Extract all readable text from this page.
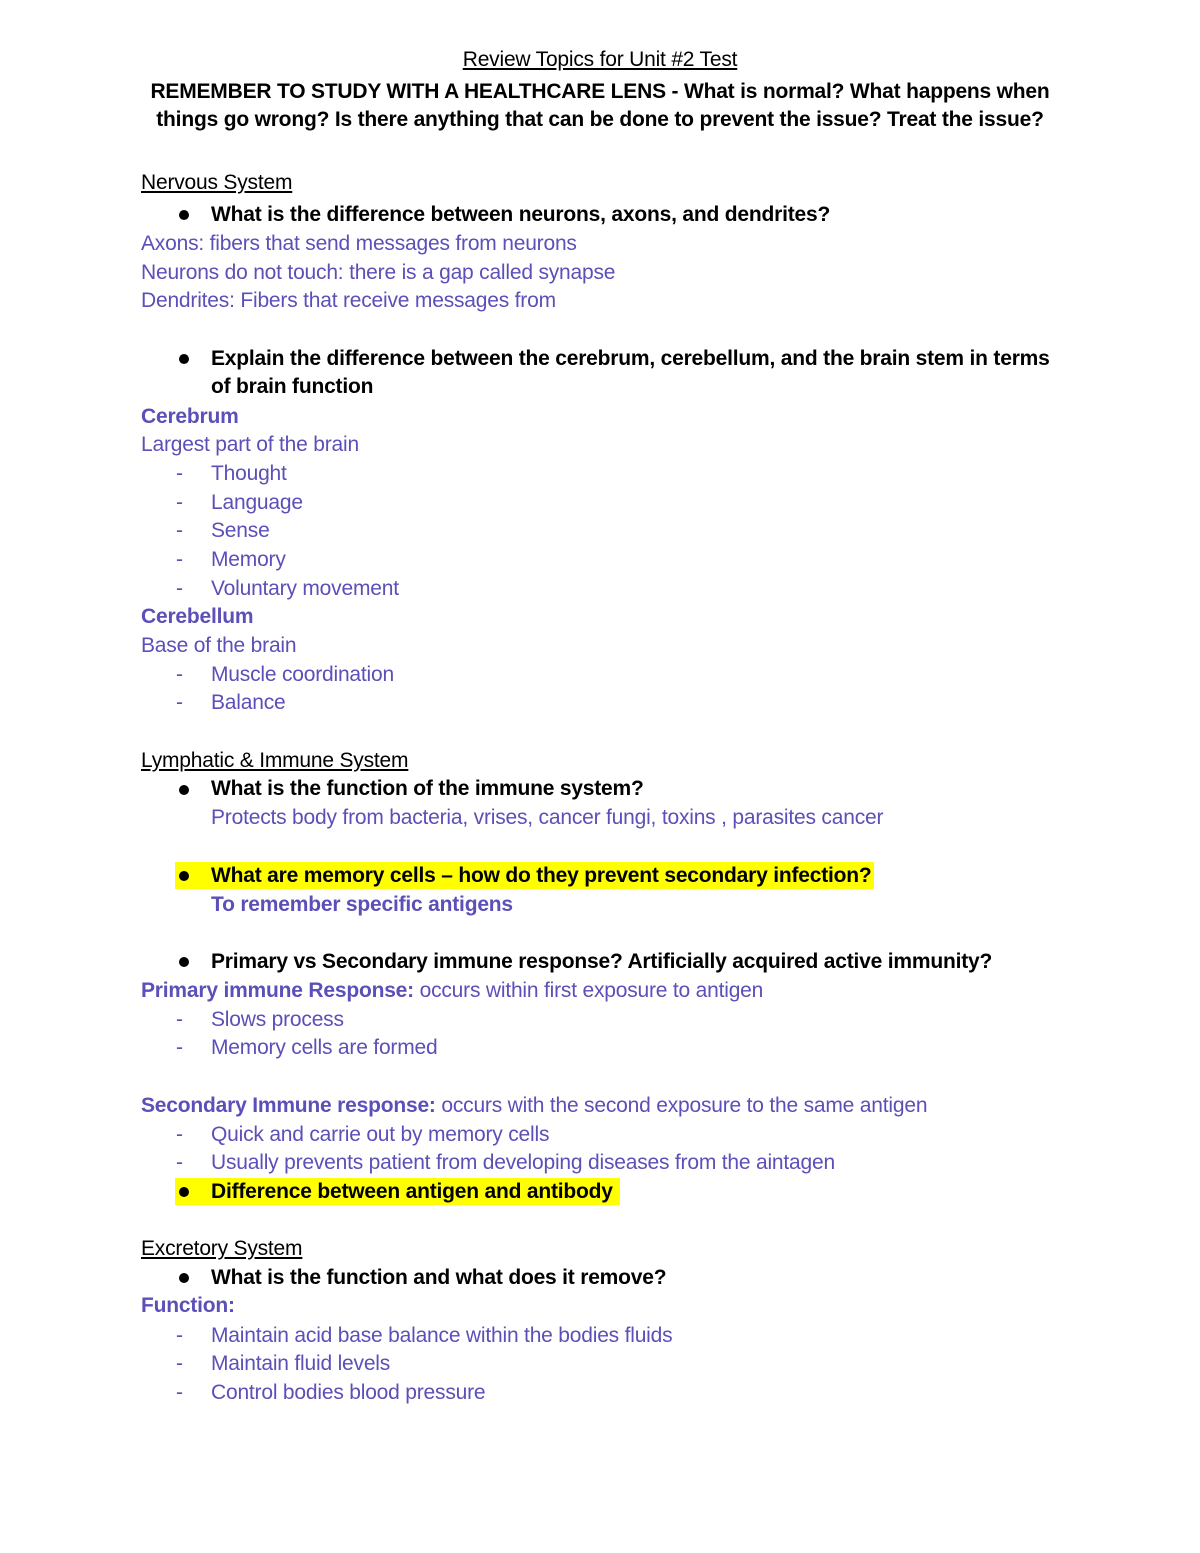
Review Topics for Unit #2 Test
REMEMBER TO STUDY WITH A HEALTHCARE LENS - What is normal? What happens when
things go wrong? Is there anything that can be done to prevent the issue? Treat the issue?
Nervous System
What is the difference between neurons, axons, and dendrites?
Axons: fibers that send messages from neurons
Neurons do not touch: there is a gap called synapse
Dendrites: Fibers that receive messages from
Explain the difference between the cerebrum, cerebellum, and the brain stem in terms
of brain function
Cerebrum
Largest part of the brain
- Thought
- Language
- Sense
- Memory
- Voluntary movement
Cerebellum
Base of the brain
- Muscle coordination
- Balance
Lymphatic & Immune System
What is the function of the immune system?
Protects body from bacteria, vrises, cancer fungi, toxins , parasites cancer
What are memory cells – how do they prevent secondary infection?
To remember specific antigens
Primary vs Secondary immune response? Artificially acquired active immunity?
Primary immune Response: occurs within first exposure to antigen
- Slows process
- Memory cells are formed
Secondary Immune response: occurs with the second exposure to the same antigen
- Quick and carrie out by memory cells
- Usually prevents patient from developing diseases from the aintagen
Difference between antigen and antibody
Excretory System
What is the function and what does it remove?
Function:
- Maintain acid base balance within the bodies fluids
- Maintain fluid levels
- Control bodies blood pressure
